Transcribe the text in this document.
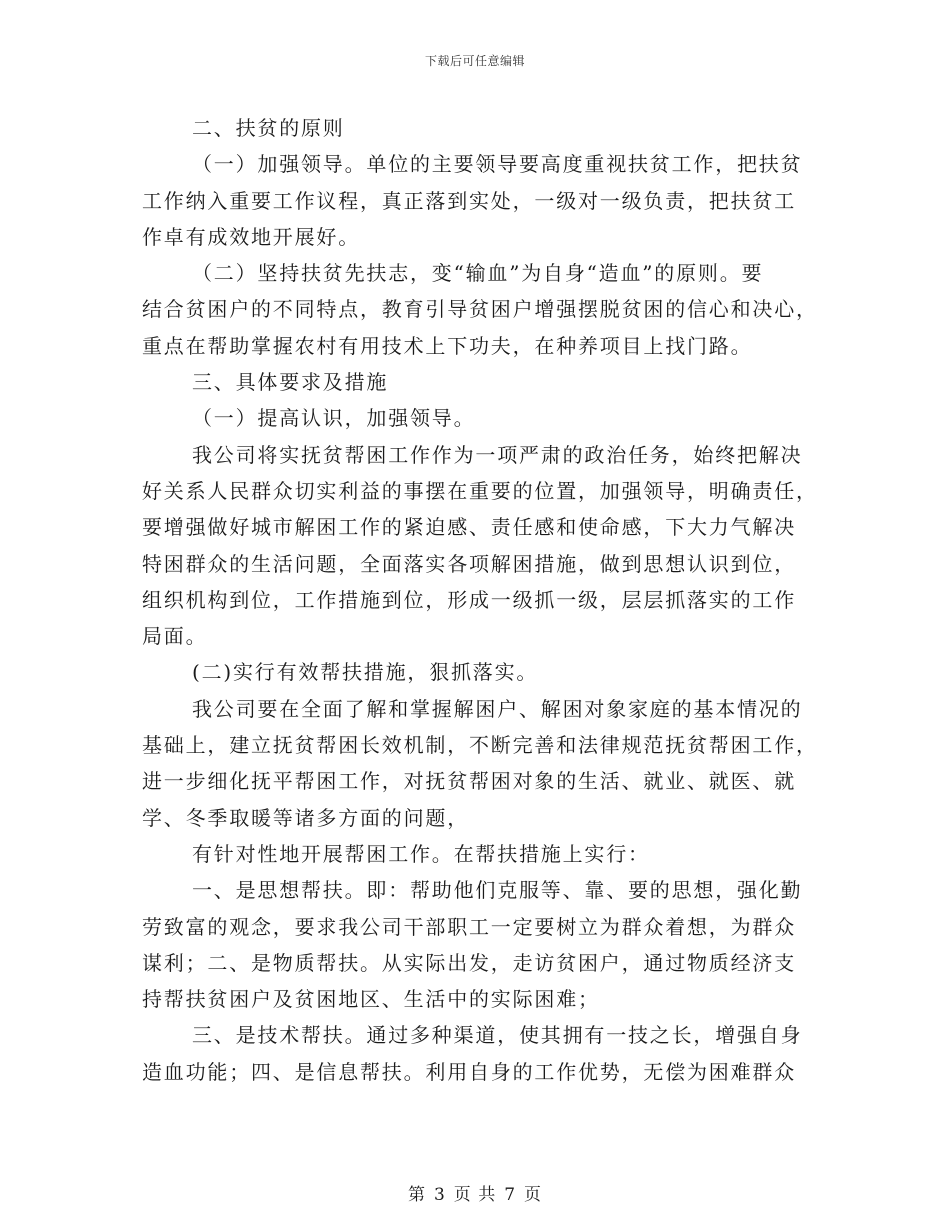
下载后可任意编辑

二、扶贫的原则

（一）加强领导。单位的主要领导要高度重视扶贫工作，把扶贫

工作纳入重要工作议程，真正落到实处，一级对一级负责，把扶贫工

作卓有成效地开展好。

（二）坚持扶贫先扶志，变“输血”为自身“造血”的原则。要

结合贫困户的不同特点，教育引导贫困户增强摆脱贫困的信心和决心，

重点在帮助掌握农村有用技术上下功夫，在种养项目上找门路。

三、具体要求及措施

（一）提高认识，加强领导。

我公司将实抚贫帮困工作作为一项严肃的政治任务，始终把解决

好关系人民群众切实利益的事摆在重要的位置，加强领导，明确责任，

要增强做好城市解困工作的紧迫感、责任感和使命感，下大力气解决

特困群众的生活问题，全面落实各项解困措施，做到思想认识到位，

组织机构到位，工作措施到位，形成一级抓一级，层层抓落实的工作

局面。

(二)实行有效帮扶措施，狠抓落实。

我公司要在全面了解和掌握解困户、解困对象家庭的基本情况的

基础上，建立抚贫帮困长效机制，不断完善和法律规范抚贫帮困工作，

进一步细化抚平帮困工作，对抚贫帮困对象的生活、就业、就医、就

学、冬季取暖等诸多方面的问题，

有针对性地开展帮困工作。在帮扶措施上实行：

一、是思想帮扶。即：帮助他们克服等、靠、要的思想，强化勤

劳致富的观念，要求我公司干部职工一定要树立为群众着想，为群众

谋利；二、是物质帮扶。从实际出发，走访贫困户，通过物质经济支

持帮扶贫困户及贫困地区、生活中的实际困难；

三、是技术帮扶。通过多种渠道，使其拥有一技之长，增强自身

造血功能；四、是信息帮扶。利用自身的工作优势，无偿为困难群众

第 3 页 共 7 页
